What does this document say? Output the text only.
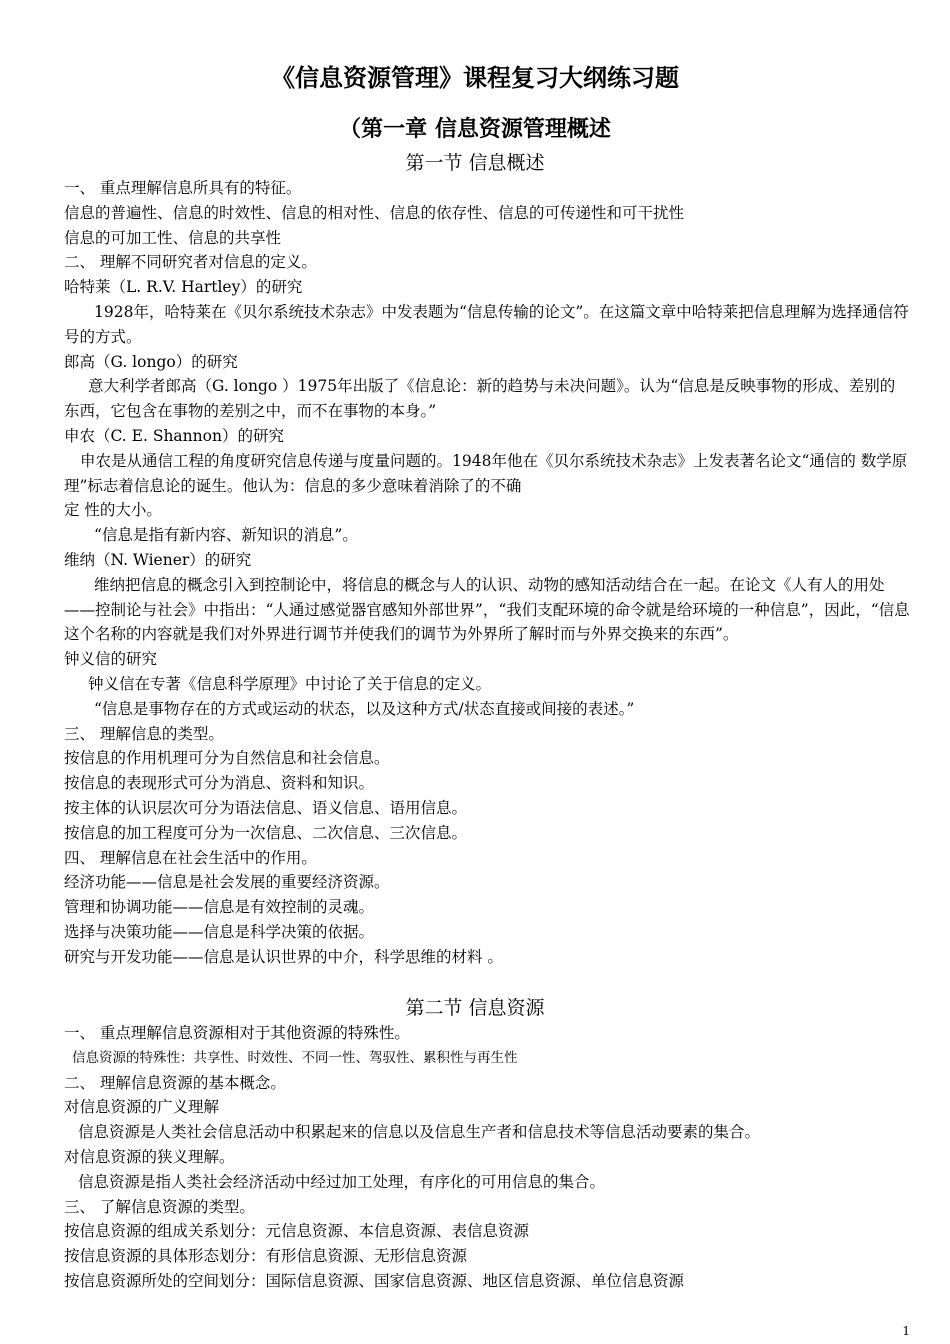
《信息资源管理》课程复习大纲练习题
（第一章 信息资源管理概述
第一节 信息概述
一、 重点理解信息所具有的特征。
信息的普遍性、信息的时效性、信息的相对性、信息的依存性、信息的可传递性和可干扰性
信息的可加工性、信息的共享性
二、 理解不同研究者对信息的定义。
哈特莱（L. R.V. Hartley）的研究
1928年，哈特莱在《贝尔系统技术杂志》中发表题为“信息传输的论文”。在这篇文章中哈特莱把信息理解为选择通信符号的方式。
郎高（G. longo）的研究
意大利学者郎高（G. longo ）1975年出版了《信息论：新的趋势与未决问题》。认为“信息是反映事物的形成、差别的东西，它包含在事物的差别之中，而不在事物的本身。”
申农（C. E. Shannon）的研究
申农是从通信工程的角度研究信息传递与度量问题的。1948年他在《贝尔系统技术杂志》上发表著名论文“通信的 数学原理”标志着信息论的诞生。他认为：信息的多少意味着消除了的不确
定 性的大小。
“信息是指有新内容、新知识的消息”。
维纳（N. Wiener）的研究
维纳把信息的概念引入到控制论中，将信息的概念与人的认识、动物的感知活动结合在一起。在论文《人有人的用处——控制论与社会》中指出：“人通过感觉器官感知外部世界”，“我们支配环境的命令就是给环境的一种信息”，因此，“信息这个名称的内容就是我们对外界进行调节并使我们的调节为外界所了解时而与外界交换来的东西”。
钟义信的研究
钟义信在专著《信息科学原理》中讨论了关于信息的定义。
“信息是事物存在的方式或运动的状态，以及这种方式/状态直接或间接的表述。”
三、 理解信息的类型。
按信息的作用机理可分为自然信息和社会信息。
按信息的表现形式可分为消息、资料和知识。
按主体的认识层次可分为语法信息、语义信息、语用信息。
按信息的加工程度可分为一次信息、二次信息、三次信息。
四、 理解信息在社会生活中的作用。
经济功能——信息是社会发展的重要经济资源。
管理和协调功能——信息是有效控制的灵魂。
选择与决策功能——信息是科学决策的依据。
研究与开发功能——信息是认识世界的中介，科学思维的材料 。
第二节 信息资源
一、 重点理解信息资源相对于其他资源的特殊性。
信息资源的特殊性：共享性、时效性、不同一性、驾驭性、累积性与再生性
二、 理解信息资源的基本概念。
对信息资源的广义理解
信息资源是人类社会信息活动中积累起来的信息以及信息生产者和信息技术等信息活动要素的集合。
对信息资源的狭义理解。
信息资源是指人类社会经济活动中经过加工处理，有序化的可用信息的集合。
三、 了解信息资源的类型。
按信息资源的组成关系划分：元信息资源、本信息资源、表信息资源
按信息资源的具体形态划分：有形信息资源、无形信息资源
按信息资源所处的空间划分：国际信息资源、国家信息资源、地区信息资源、单位信息资源
1
